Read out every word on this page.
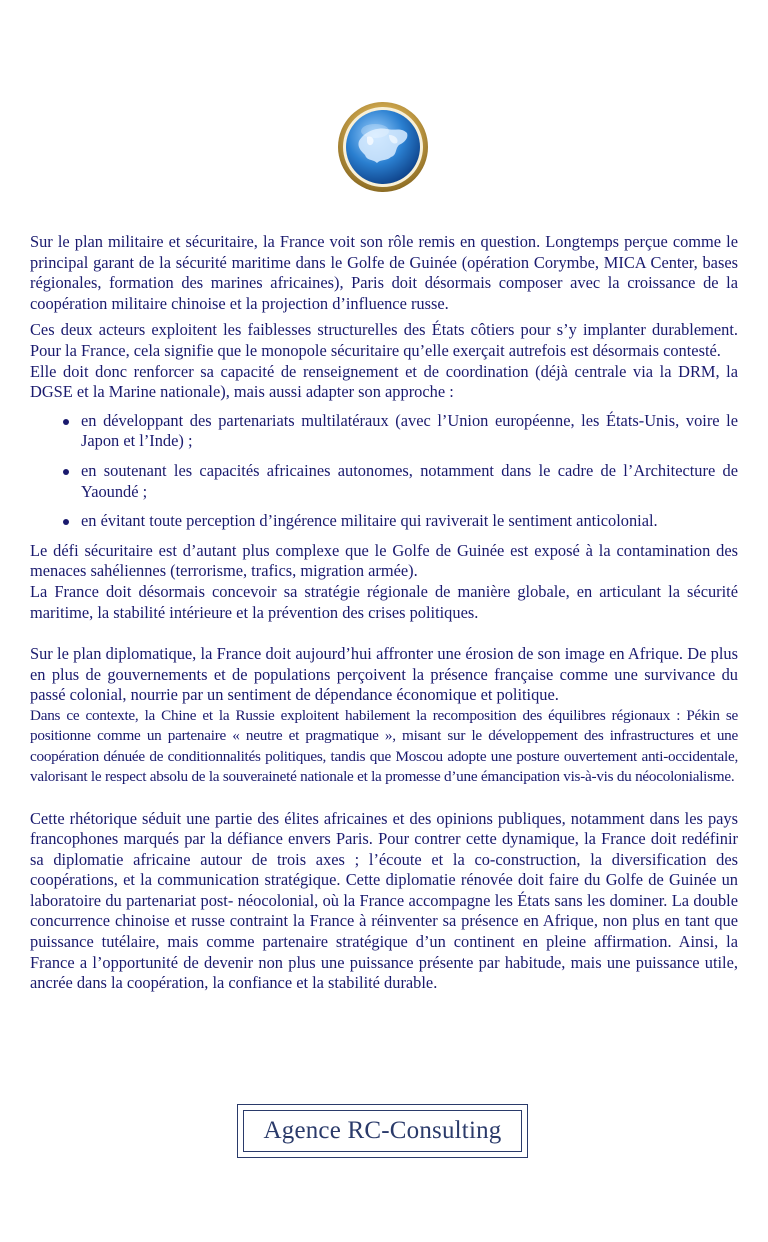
Sur le plan militaire et sécuritaire, la France voit son rôle remis en question. Longtemps perçue comme le principal garant de la sécurité maritime dans le Golfe de Guinée (opération Corymbe, MICA Center, bases régionales, formation des marines africaines), Paris doit désormais composer avec la croissance de la coopération militaire chinoise et la projection d’influence russe.

Ces deux acteurs exploitent les faiblesses structurelles des États côtiers pour s’y implanter durablement. Pour la France, cela signifie que le monopole sécuritaire qu’elle exerçait autrefois est désormais contesté.

Elle doit donc renforcer sa capacité de renseignement et de coordination (déjà centrale via la DRM, la DGSE et la Marine nationale), mais aussi adapter son approche :

en développant des partenariats multilatéraux (avec l’Union européenne, les États-Unis, voire le Japon et l’Inde) ;
en soutenant les capacités africaines autonomes, notamment dans le cadre de l’Architecture de Yaoundé ;
en évitant toute perception d’ingérence militaire qui raviverait le sentiment anticolonial.

Le défi sécuritaire est d’autant plus complexe que le Golfe de Guinée est exposé à la contamination des menaces sahéliennes (terrorisme, trafics, migration armée).

La France doit désormais concevoir sa stratégie régionale de manière globale, en articulant la sécurité maritime, la stabilité intérieure et la prévention des crises politiques.

Sur le plan diplomatique, la France doit aujourd’hui affronter une érosion de son image en Afrique. De plus en plus de gouvernements et de populations perçoivent la présence française comme une survivance du passé colonial, nourrie par un sentiment de dépendance économique et politique.

Dans ce contexte, la Chine et la Russie exploitent habilement la recomposition des équilibres régionaux : Pékin se positionne comme un partenaire « neutre et pragmatique », misant sur le développement des infrastructures et une coopération dénuée de conditionnalités politiques, tandis que Moscou adopte une posture ouvertement anti-occidentale, valorisant le respect absolu de la souveraineté nationale et la promesse d’une émancipation vis-à-vis du néocolonialisme.

Cette rhétorique séduit une partie des élites africaines et des opinions publiques, notamment dans les pays francophones marqués par la défiance envers Paris. Pour contrer cette dynamique, la France doit redéfinir sa diplomatie africaine autour de trois axes ; l’écoute et la co-construction, la diversification des coopérations, et la communication stratégique. Cette diplomatie rénovée doit faire du Golfe de Guinée un laboratoire du partenariat post- néocolonial, où la France accompagne les États sans les dominer. La double concurrence chinoise et russe contraint la France à réinventer sa présence en Afrique, non plus en tant que puissance tutélaire, mais comme partenaire stratégique d’un continent en pleine affirmation. Ainsi, la France a l’opportunité de devenir non plus une puissance présente par habitude, mais une puissance utile, ancrée dans la coopération, la confiance et la stabilité durable.

Agence RC-Consulting
